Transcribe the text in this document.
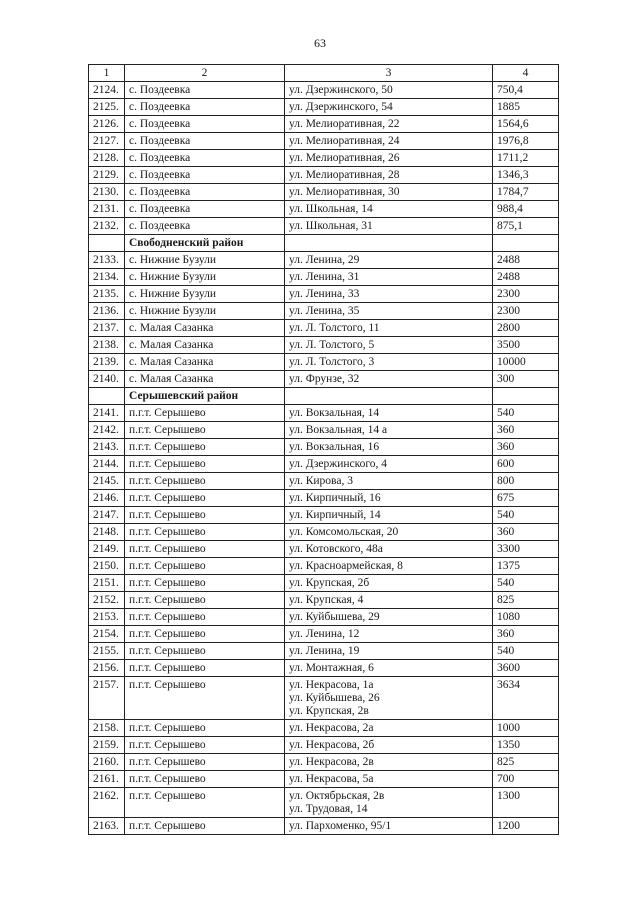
63
1	2	3	4
2124.	с. Поздеевка	ул. Дзержинского, 50	750,4
2125.	с. Поздеевка	ул. Дзержинского, 54	1885
2126.	с. Поздеевка	ул. Мелиоративная, 22	1564,6
2127.	с. Поздеевка	ул. Мелиоративная, 24	1976,8
2128.	с. Поздеевка	ул. Мелиоративная, 26	1711,2
2129.	с. Поздеевка	ул. Мелиоративная, 28	1346,3
2130.	с. Поздеевка	ул. Мелиоративная, 30	1784,7
2131.	с. Поздеевка	ул. Школьная, 14	988,4
2132.	с. Поздеевка	ул. Школьная, 31	875,1
	Свободненский район		
2133.	с. Нижние Бузули	ул. Ленина, 29	2488
2134.	с. Нижние Бузули	ул. Ленина, 31	2488
2135.	с. Нижние Бузули	ул. Ленина, 33	2300
2136.	с. Нижние Бузули	ул. Ленина, 35	2300
2137.	с. Малая Сазанка	ул. Л. Толстого, 11	2800
2138.	с. Малая Сазанка	ул. Л. Толстого, 5	3500
2139.	с. Малая Сазанка	ул. Л. Толстого, 3	10000
2140.	с. Малая Сазанка	ул. Фрунзе, 32	300
	Серышевский район		
2141.	п.г.т. Серышево	ул. Вокзальная, 14	540
2142.	п.г.т. Серышево	ул. Вокзальная, 14 а	360
2143.	п.г.т. Серышево	ул. Вокзальная, 16	360
2144.	п.г.т. Серышево	ул. Дзержинского, 4	600
2145.	п.г.т. Серышево	ул. Кирова, 3	800
2146.	п.г.т. Серышево	ул. Кирпичный, 16	675
2147.	п.г.т. Серышево	ул. Кирпичный, 14	540
2148.	п.г.т. Серышево	ул. Комсомольская, 20	360
2149.	п.г.т. Серышево	ул. Котовского, 48а	3300
2150.	п.г.т. Серышево	ул. Красноармейская, 8	1375
2151.	п.г.т. Серышево	ул. Крупская, 2б	540
2152.	п.г.т. Серышево	ул. Крупская, 4	825
2153.	п.г.т. Серышево	ул. Куйбышева, 29	1080
2154.	п.г.т. Серышево	ул. Ленина, 12	360
2155.	п.г.т. Серышево	ул. Ленина, 19	540
2156.	п.г.т. Серышево	ул. Монтажная, 6	3600
2157.	п.г.т. Серышево	ул. Некрасова, 1а
ул. Куйбышева, 26
ул. Крупская, 2в	3634
2158.	п.г.т. Серышево	ул. Некрасова, 2а	1000
2159.	п.г.т. Серышево	ул. Некрасова, 2б	1350
2160.	п.г.т. Серышево	ул. Некрасова, 2в	825
2161.	п.г.т. Серышево	ул. Некрасова, 5а	700
2162.	п.г.т. Серышево	ул. Октябрьская, 2в
ул. Трудовая, 14	1300
2163.	п.г.т. Серышево	ул. Пархоменко, 95/1	1200
